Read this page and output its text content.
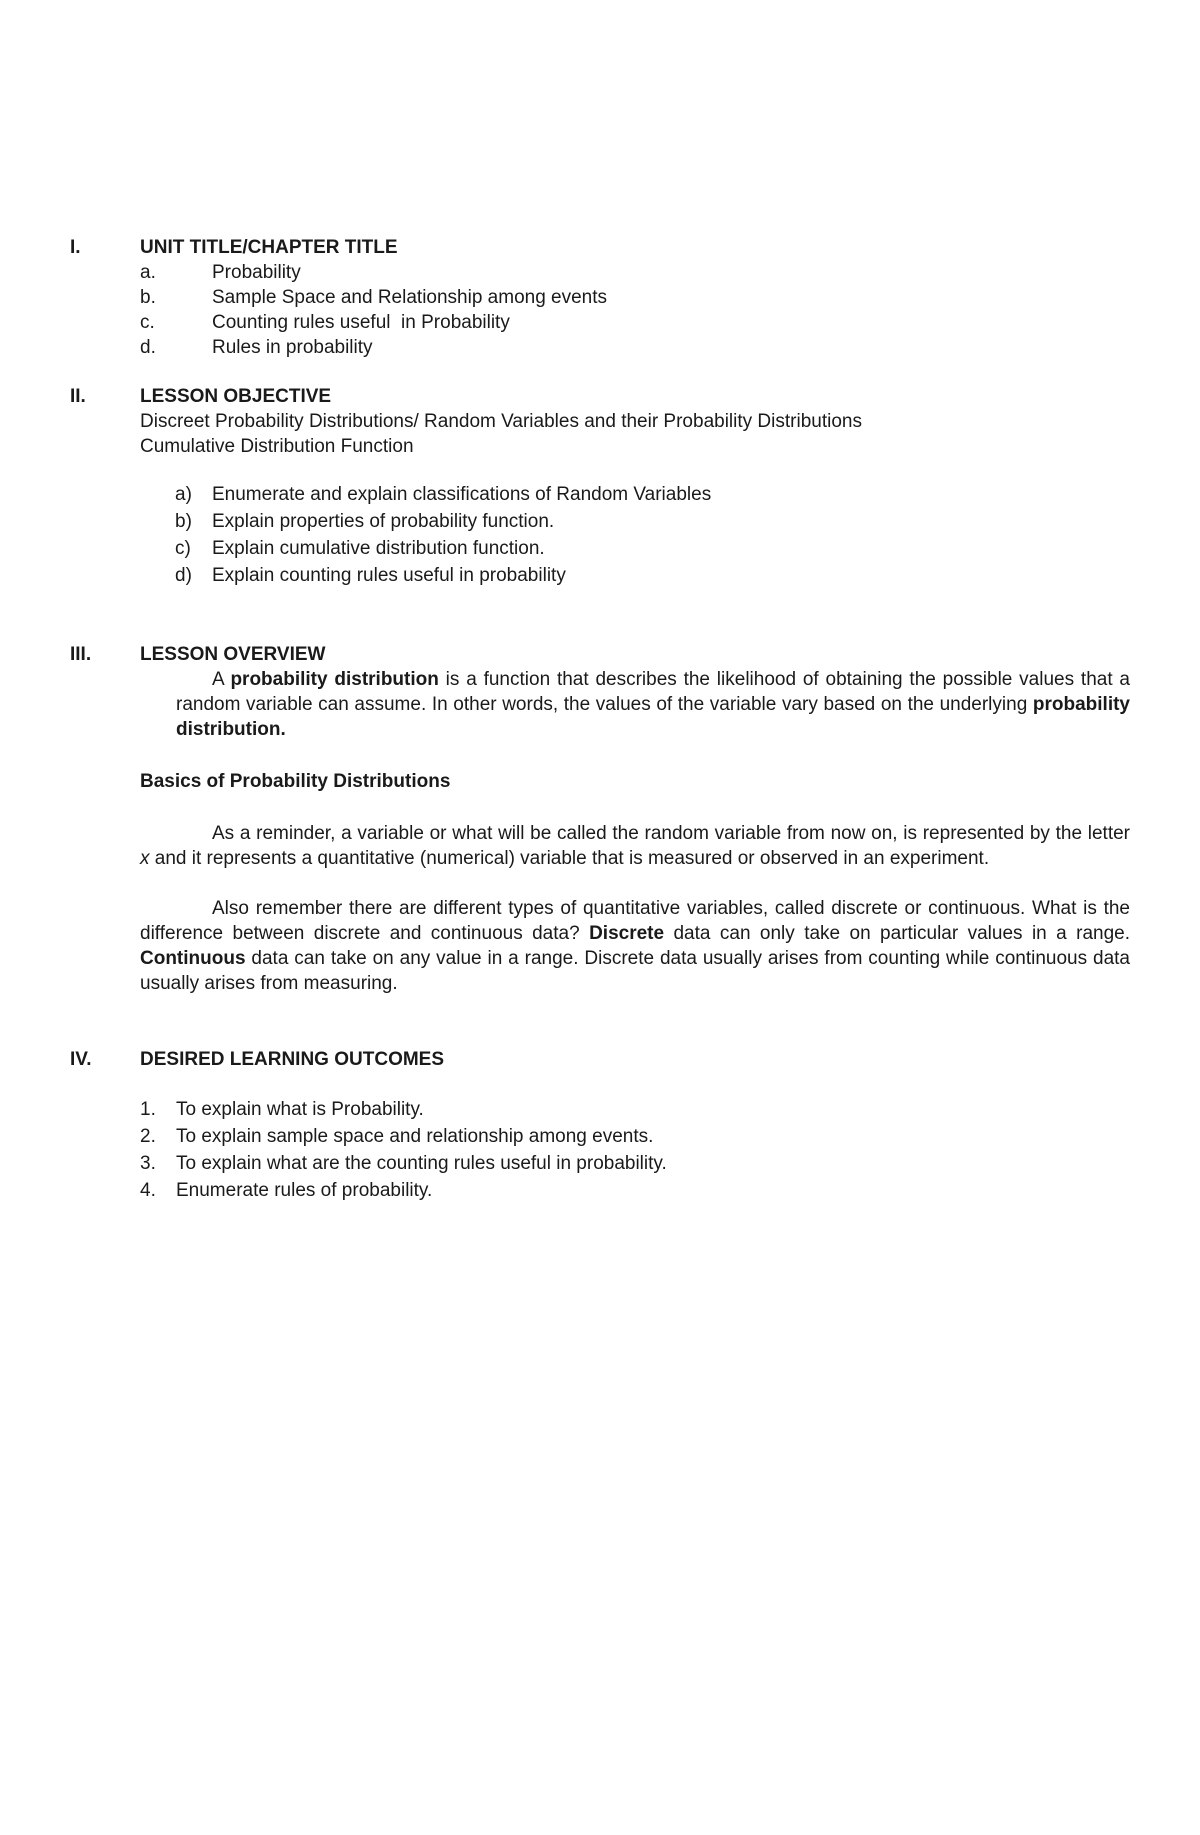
I.	UNIT TITLE/CHAPTER TITLE
a.	Probability
b.	Sample Space and Relationship among events
c.	Counting rules useful  in Probability
d.	Rules in probability
II.	LESSON OBJECTIVE
Discreet Probability Distributions/ Random Variables and their Probability Distributions
Cumulative Distribution Function
a) Enumerate and explain classifications of Random Variables
b) Explain properties of probability function.
c) Explain cumulative distribution function.
d) Explain counting rules useful in probability
III.	LESSON OVERVIEW
A probability distribution is a function that describes the likelihood of obtaining the possible values that a random variable can assume. In other words, the values of the variable vary based on the underlying probability distribution.
Basics of Probability Distributions
As a reminder, a variable or what will be called the random variable from now on, is represented by the letter x and it represents a quantitative (numerical) variable that is measured or observed in an experiment.
Also remember there are different types of quantitative variables, called discrete or continuous. What is the difference between discrete and continuous data? Discrete data can only take on particular values in a range. Continuous data can take on any value in a range. Discrete data usually arises from counting while continuous data usually arises from measuring.
IV.	DESIRED LEARNING OUTCOMES
1. To explain what is Probability.
2. To explain sample space and relationship among events.
3. To explain what are the counting rules useful in probability.
4. Enumerate rules of probability.
